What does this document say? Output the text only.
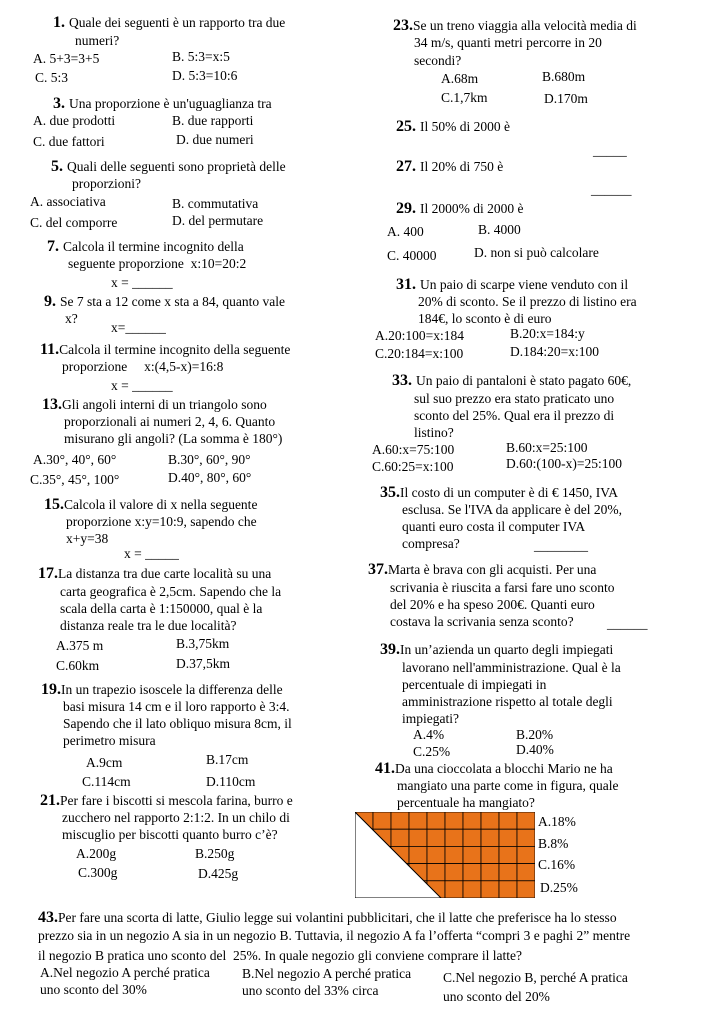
1. Quale dei seguenti è un rapporto tra due
numeri?
A. 5+3=3+5	B. 5:3=x:5
C. 5:3	D. 5:3=10:6
3. Una proporzione è un'uguaglianza tra
A. due prodotti	B. due rapporti
C. due fattori	D. due numeri
5. Quali delle seguenti sono proprietà delle
proporzioni?
A. associativa	B. commutativa
C. del comporre	D. del permutare
7. Calcola il termine incognito della
seguente proporzione  x:10=20:2
x = ______
9. Se 7 sta a 12 come x sta a 84, quanto vale
x?
x=______
11.Calcola il termine incognito della seguente
proporzione     x:(4,5-x)=16:8
x = ______
13.Gli angoli interni di un triangolo sono
proporzionali ai numeri 2, 4, 6. Quanto
misurano gli angoli? (La somma è 180°)
A.30°, 40°, 60°	B.30°, 60°, 90°
C.35°, 45°, 100°	D.40°, 80°, 60°
15.Calcola il valore di x nella seguente
proporzione x:y=10:9, sapendo che
x+y=38
x = _____
17.La distanza tra due carte località su una
carta geografica è 2,5cm. Sapendo che la
scala della carta è 1:150000, qual è la
distanza reale tra le due località?
A.375 m	B.3,75km
C.60km	D.37,5km
19.In un trapezio isoscele la differenza delle
basi misura 14 cm e il loro rapporto è 3:4.
Sapendo che il lato obliquo misura 8cm, il
perimetro misura
A.9cm	B.17cm
C.114cm	D.110cm
21.Per fare i biscotti si mescola farina, burro e
zucchero nel rapporto 2:1:2. In un chilo di
miscuglio per biscotti quanto burro c’è?
A.200g	B.250g
C.300g	D.425g
23.Se un treno viaggia alla velocità media di
34 m/s, quanti metri percorre in 20
secondi?
A.68m	B.680m
C.1,7km	D.170m
25. Il 50% di 2000 è
_____
27. Il 20% di 750 è
______
29. Il 2000% di 2000 è
A. 400	B. 4000
C. 40000	D. non si può calcolare
31. Un paio di scarpe viene venduto con il
20% di sconto. Se il prezzo di listino era
184€, lo sconto è di euro
A.20:100=x:184	B.20:x=184:y
C.20:184=x:100	D.184:20=x:100
33. Un paio di pantaloni è stato pagato 60€,
sul suo prezzo era stato praticato uno
sconto del 25%. Qual era il prezzo di
listino?
A.60:x=75:100	B.60:x=25:100
C.60:25=x:100	D.60:(100-x)=25:100
35.Il costo di un computer è di € 1450, IVA
esclusa. Se l'IVA da applicare è del 20%,
quanti euro costa il computer IVA
compresa?	________
37.Marta è brava con gli acquisti. Per una
scrivania è riuscita a farsi fare uno sconto
del 20% e ha speso 200€. Quanti euro
costava la scrivania senza sconto? ______
39.In un’azienda un quarto degli impiegati
lavorano nell'amministrazione. Qual è la
percentuale di impiegati in
amministrazione rispetto al totale degli
impiegati?
A.4%	B.20%
C.25%	D.40%
41.Da una cioccolata a blocchi Mario ne ha
mangiato una parte come in figura, quale
percentuale ha mangiato?
A.18%
B.8%
C.16%
D.25%
43.Per fare una scorta di latte, Giulio legge sui volantini pubblicitari, che il latte che preferisce ha lo stesso
prezzo sia in un negozio A sia in un negozio B. Tuttavia, il negozio A fa l’offerta “compri 3 e paghi 2” mentre
il negozio B pratica uno sconto del  25%. In quale negozio gli conviene comprare il latte?
A.Nel negozio A perché pratica
uno sconto del 30%
B.Nel negozio A perché pratica
uno sconto del 33% circa
C.Nel negozio B, perché A pratica
uno sconto del 20%
